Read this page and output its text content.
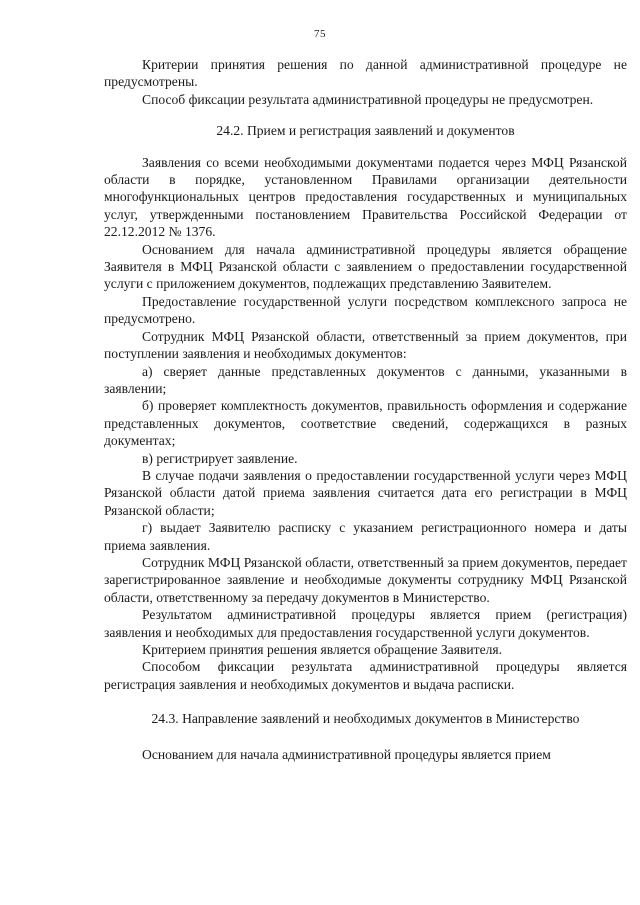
75

Критерии принятия решения по данной административной процедуре не предусмотрены.

Способ фиксации результата административной процедуры не предусмотрен.

24.2. Прием и регистрация заявлений и документов

Заявления со всеми необходимыми документами подается через МФЦ Рязанской области в порядке, установленном Правилами организации деятельности многофункциональных центров предоставления государственных и муниципальных услуг, утвержденными постановлением Правительства Российской Федерации от 22.12.2012 № 1376.

Основанием для начала административной процедуры является обращение Заявителя в МФЦ Рязанской области с заявлением о предоставлении государственной услуги с приложением документов, подлежащих представлению Заявителем.

Предоставление государственной услуги посредством комплексного запроса не предусмотрено.

Сотрудник МФЦ Рязанской области, ответственный за прием документов, при поступлении заявления и необходимых документов:

а) сверяет данные представленных документов с данными, указанными в заявлении;

б) проверяет комплектность документов, правильность оформления и содержание представленных документов, соответствие сведений, содержащихся в разных документах;

в) регистрирует заявление.

В случае подачи заявления о предоставлении государственной услуги через МФЦ Рязанской области датой приема заявления считается дата его регистрации в МФЦ Рязанской области;

г) выдает Заявителю расписку с указанием регистрационного номера и даты приема заявления.

Сотрудник МФЦ Рязанской области, ответственный за прием документов, передает зарегистрированное заявление и необходимые документы сотруднику МФЦ Рязанской области, ответственному за передачу документов в Министерство.

Результатом административной процедуры является прием (регистрация) заявления и необходимых для предоставления государственной услуги документов.

Критерием принятия решения является обращение Заявителя.

Способом фиксации результата административной процедуры является регистрация заявления и необходимых документов и выдача расписки.

24.3. Направление заявлений и необходимых документов в Министерство

Основанием для начала административной процедуры является прием
